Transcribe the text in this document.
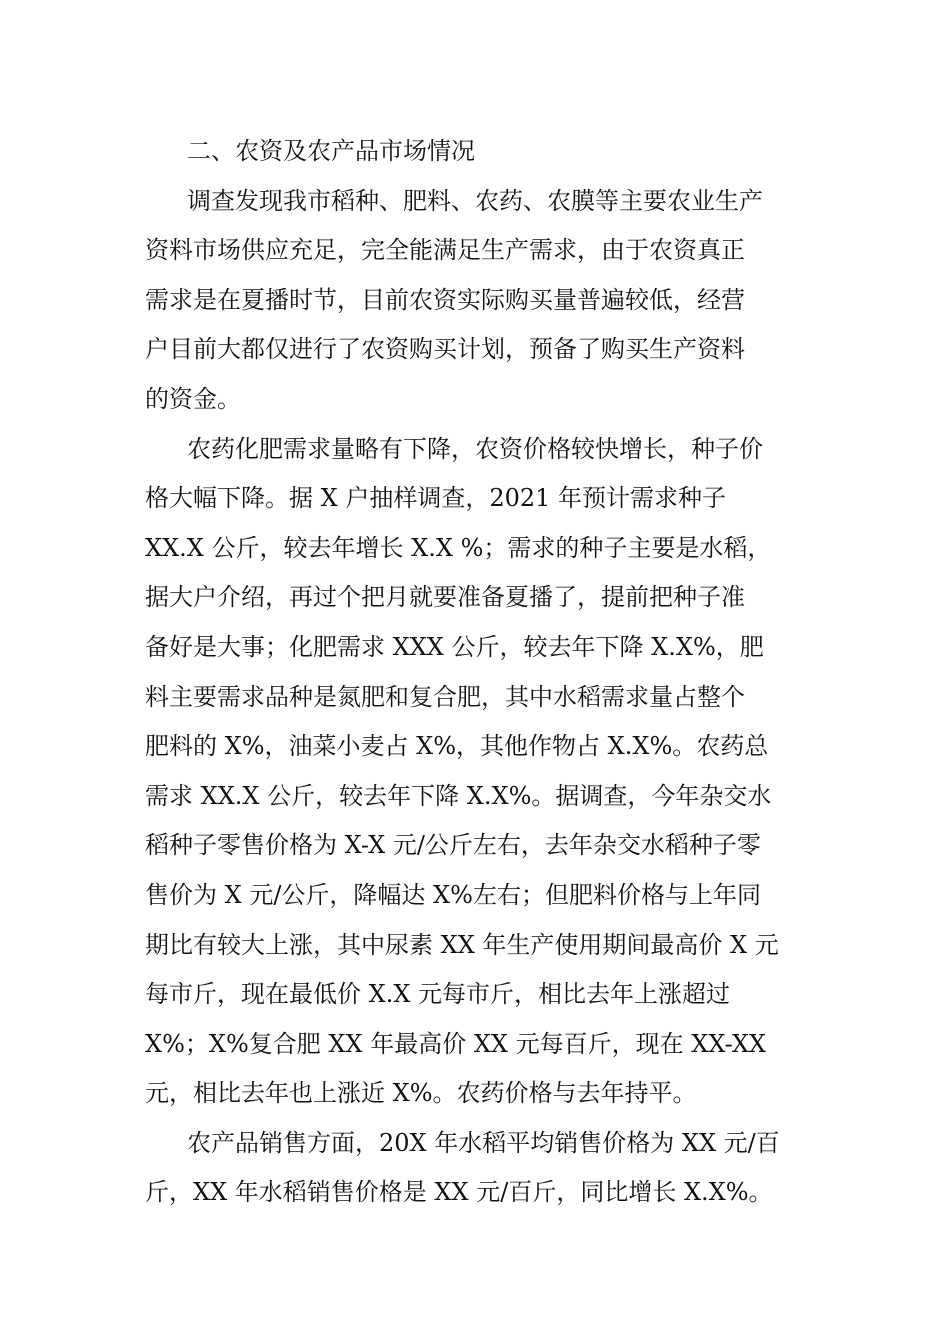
二、农资及农产品市场情况
调查发现我市稻种、肥料、农药、农膜等主要农业生产
资料市场供应充足，完全能满足生产需求，由于农资真正
需求是在夏播时节，目前农资实际购买量普遍较低，经营
户目前大都仅进行了农资购买计划，预备了购买生产资料
的资金。
农药化肥需求量略有下降，农资价格较快增长，种子价
格大幅下降。据 X 户抽样调查，2021 年预计需求种子
XX.X 公斤，较去年增长 X.X %；需求的种子主要是水稻，
据大户介绍，再过个把月就要准备夏播了，提前把种子准
备好是大事；化肥需求 XXX 公斤，较去年下降 X.X%，肥
料主要需求品种是氮肥和复合肥，其中水稻需求量占整个
肥料的 X%，油菜小麦占 X%，其他作物占 X.X%。农药总
需求 XX.X 公斤，较去年下降 X.X%。据调查，今年杂交水
稻种子零售价格为 X-X 元/公斤左右，去年杂交水稻种子零
售价为 X 元/公斤，降幅达 X%左右；但肥料价格与上年同
期比有较大上涨，其中尿素 XX 年生产使用期间最高价 X 元
每市斤，现在最低价 X.X 元每市斤，相比去年上涨超过
X%；X%复合肥 XX 年最高价 XX 元每百斤，现在 XX-XX
元，相比去年也上涨近 X%。农药价格与去年持平。
农产品销售方面，20X 年水稻平均销售价格为 XX 元/百
斤，XX 年水稻销售价格是 XX 元/百斤，同比增长 X.X%。
